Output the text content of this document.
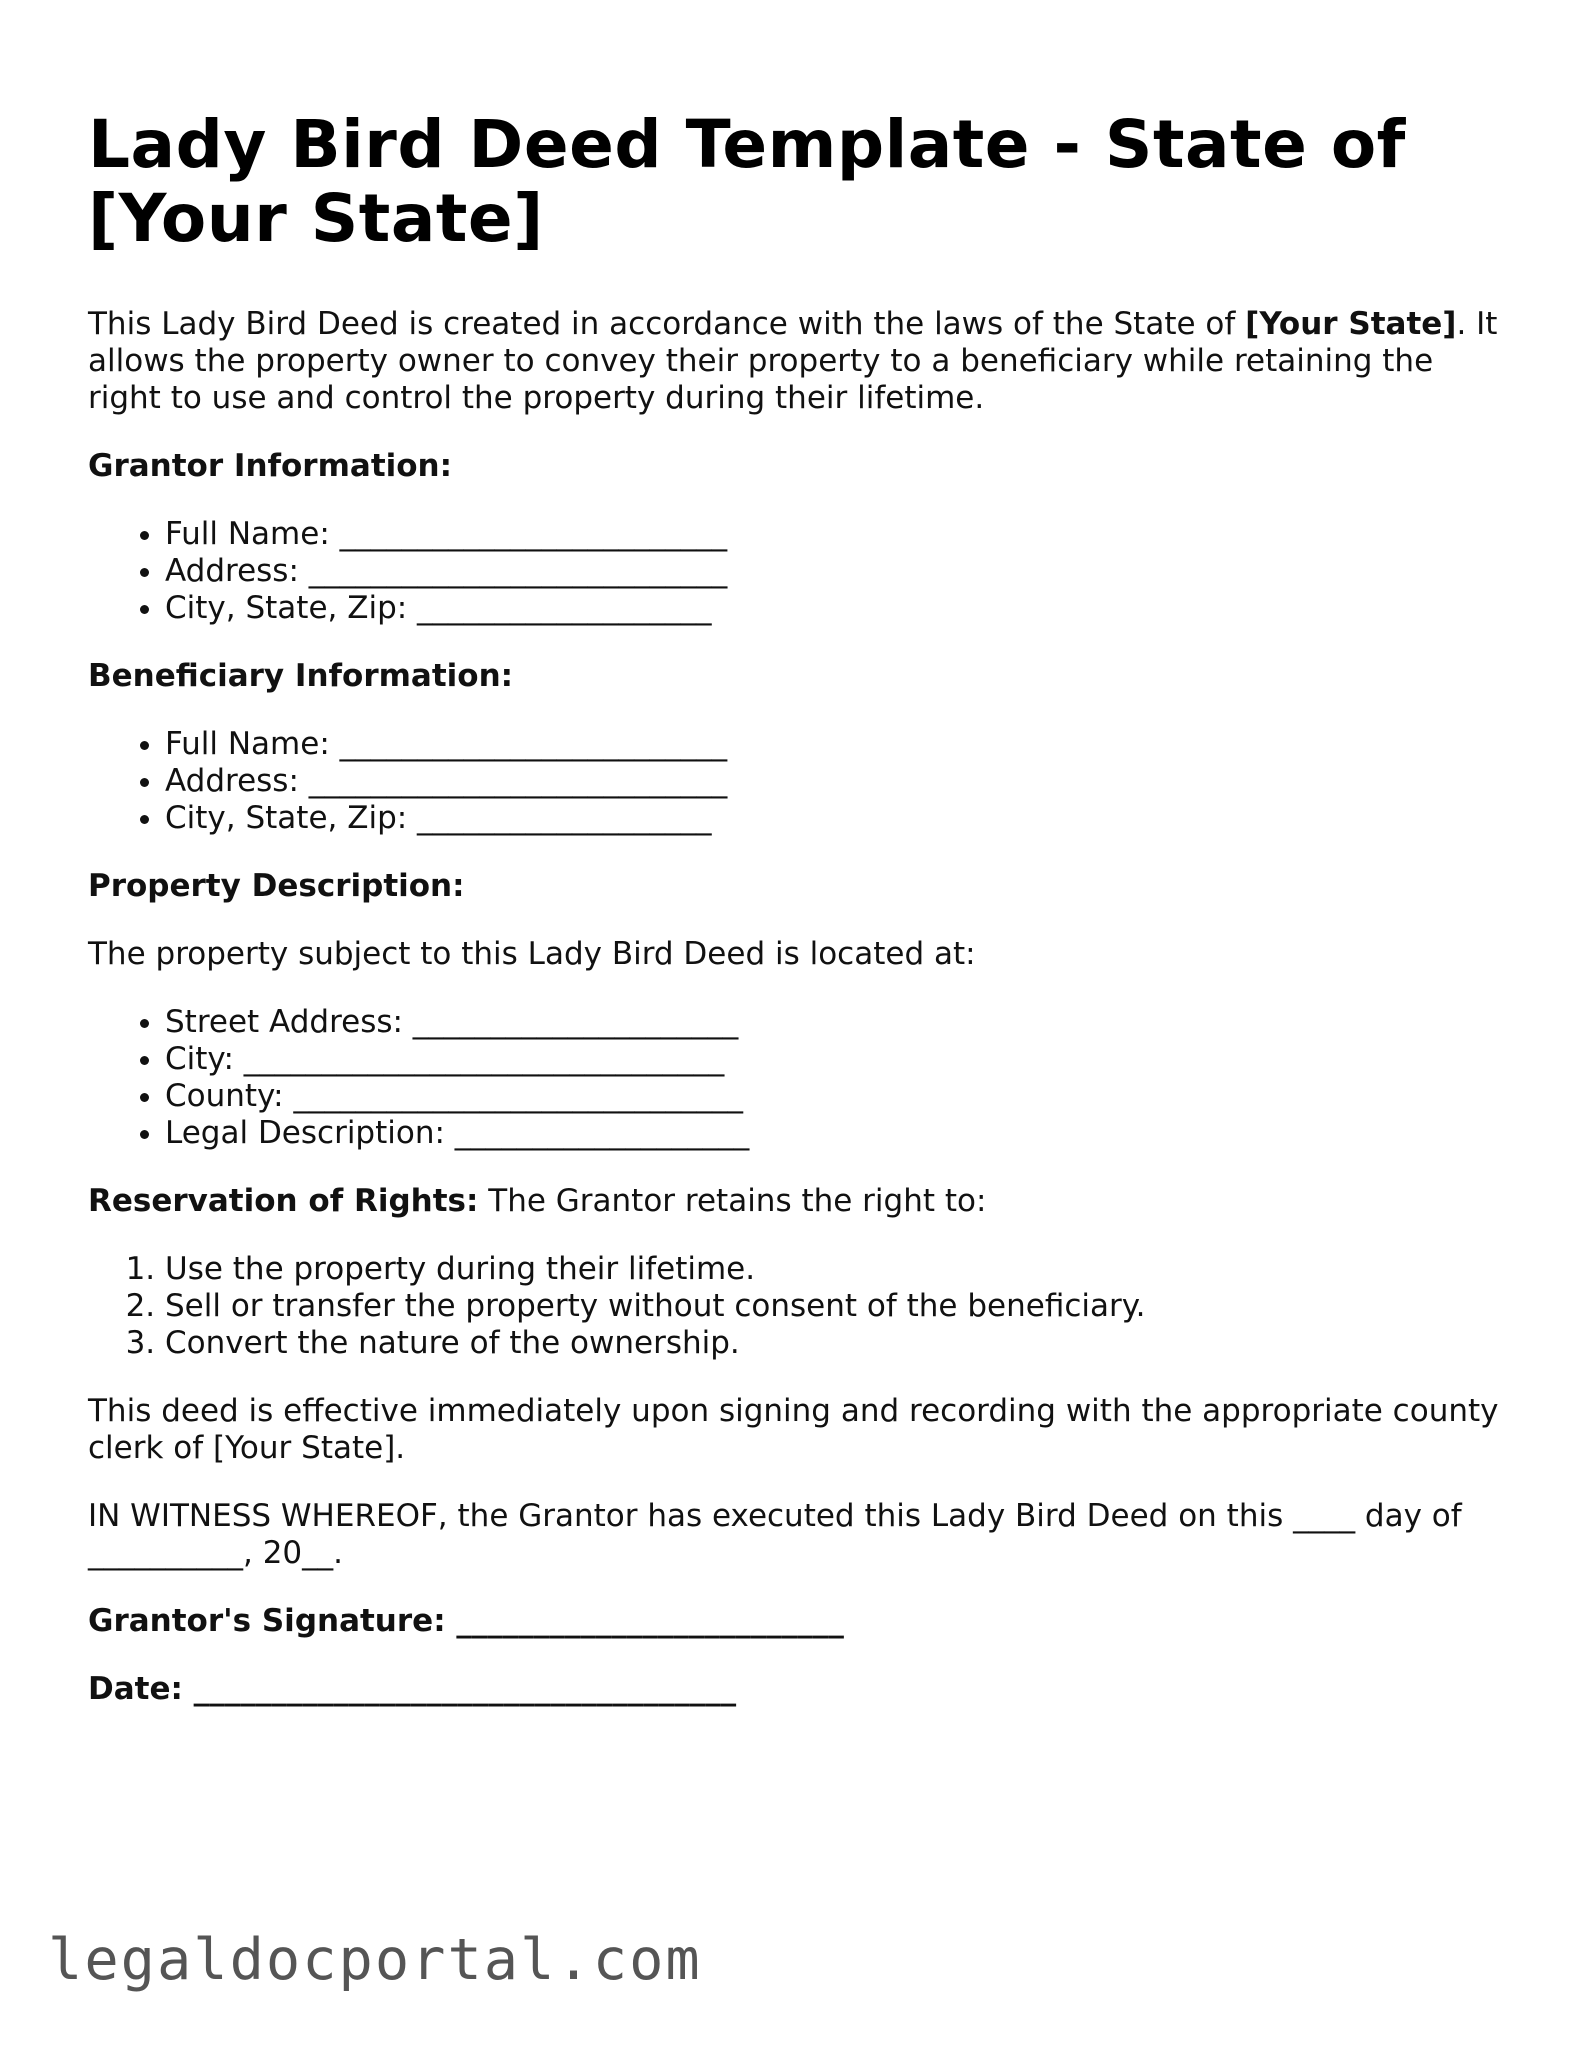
Lady Bird Deed Template - State of [Your State]

This Lady Bird Deed is created in accordance with the laws of the State of [Your State]. It allows the property owner to convey their property to a beneficiary while retaining the right to use and control the property during their lifetime.

Grantor Information:

• Full Name: _________________________
• Address: ___________________________
• City, State, Zip: ___________________

Beneficiary Information:

• Full Name: _________________________
• Address: ___________________________
• City, State, Zip: ___________________

Property Description:

The property subject to this Lady Bird Deed is located at:

• Street Address: _____________________
• City: _______________________________
• County: _____________________________
• Legal Description: ___________________

Reservation of Rights: The Grantor retains the right to:

1. Use the property during their lifetime.
2. Sell or transfer the property without consent of the beneficiary.
3. Convert the nature of the ownership.

This deed is effective immediately upon signing and recording with the appropriate county clerk of [Your State].

IN WITNESS WHEREOF, the Grantor has executed this Lady Bird Deed on this ____ day of __________, 20__.

Grantor's Signature: _________________________

Date: ___________________________________

legaldocportal.com
